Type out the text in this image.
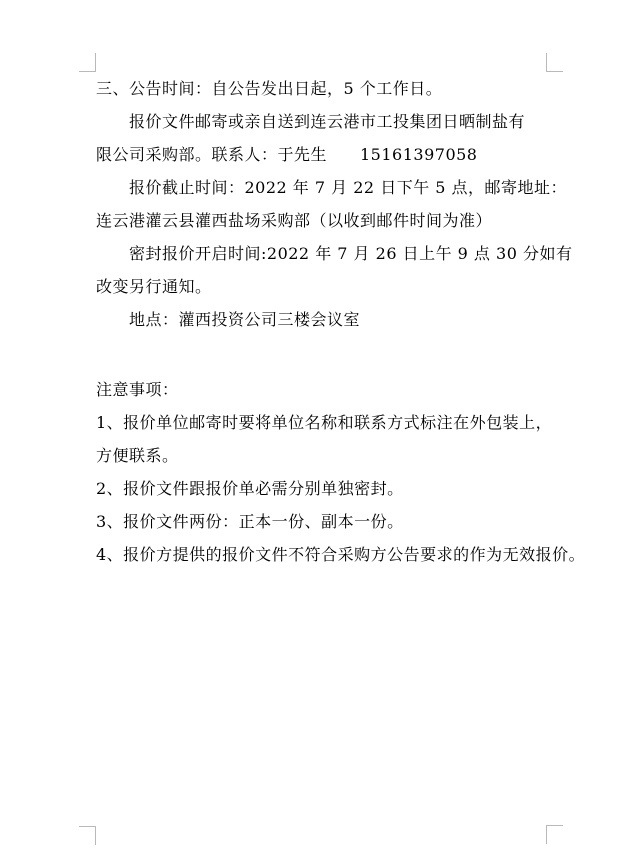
三、公告时间：自公告发出日起，5 个工作日。
报价文件邮寄或亲自送到连云港市工投集团日晒制盐有
限公司采购部。联系人：于先生　　15161397058
报价截止时间：2022 年 7 月 22 日下午 5 点，邮寄地址：
连云港灌云县灌西盐场采购部（以收到邮件时间为准）
密封报价开启时间:2022 年 7 月 26 日上午 9 点 30 分如有
改变另行通知。
地点：灌西投资公司三楼会议室
注意事项：
1、报价单位邮寄时要将单位名称和联系方式标注在外包装上，
方便联系。
2、报价文件跟报价单必需分别单独密封。
3、报价文件两份：正本一份、副本一份。
4、报价方提供的报价文件不符合采购方公告要求的作为无效报价。
